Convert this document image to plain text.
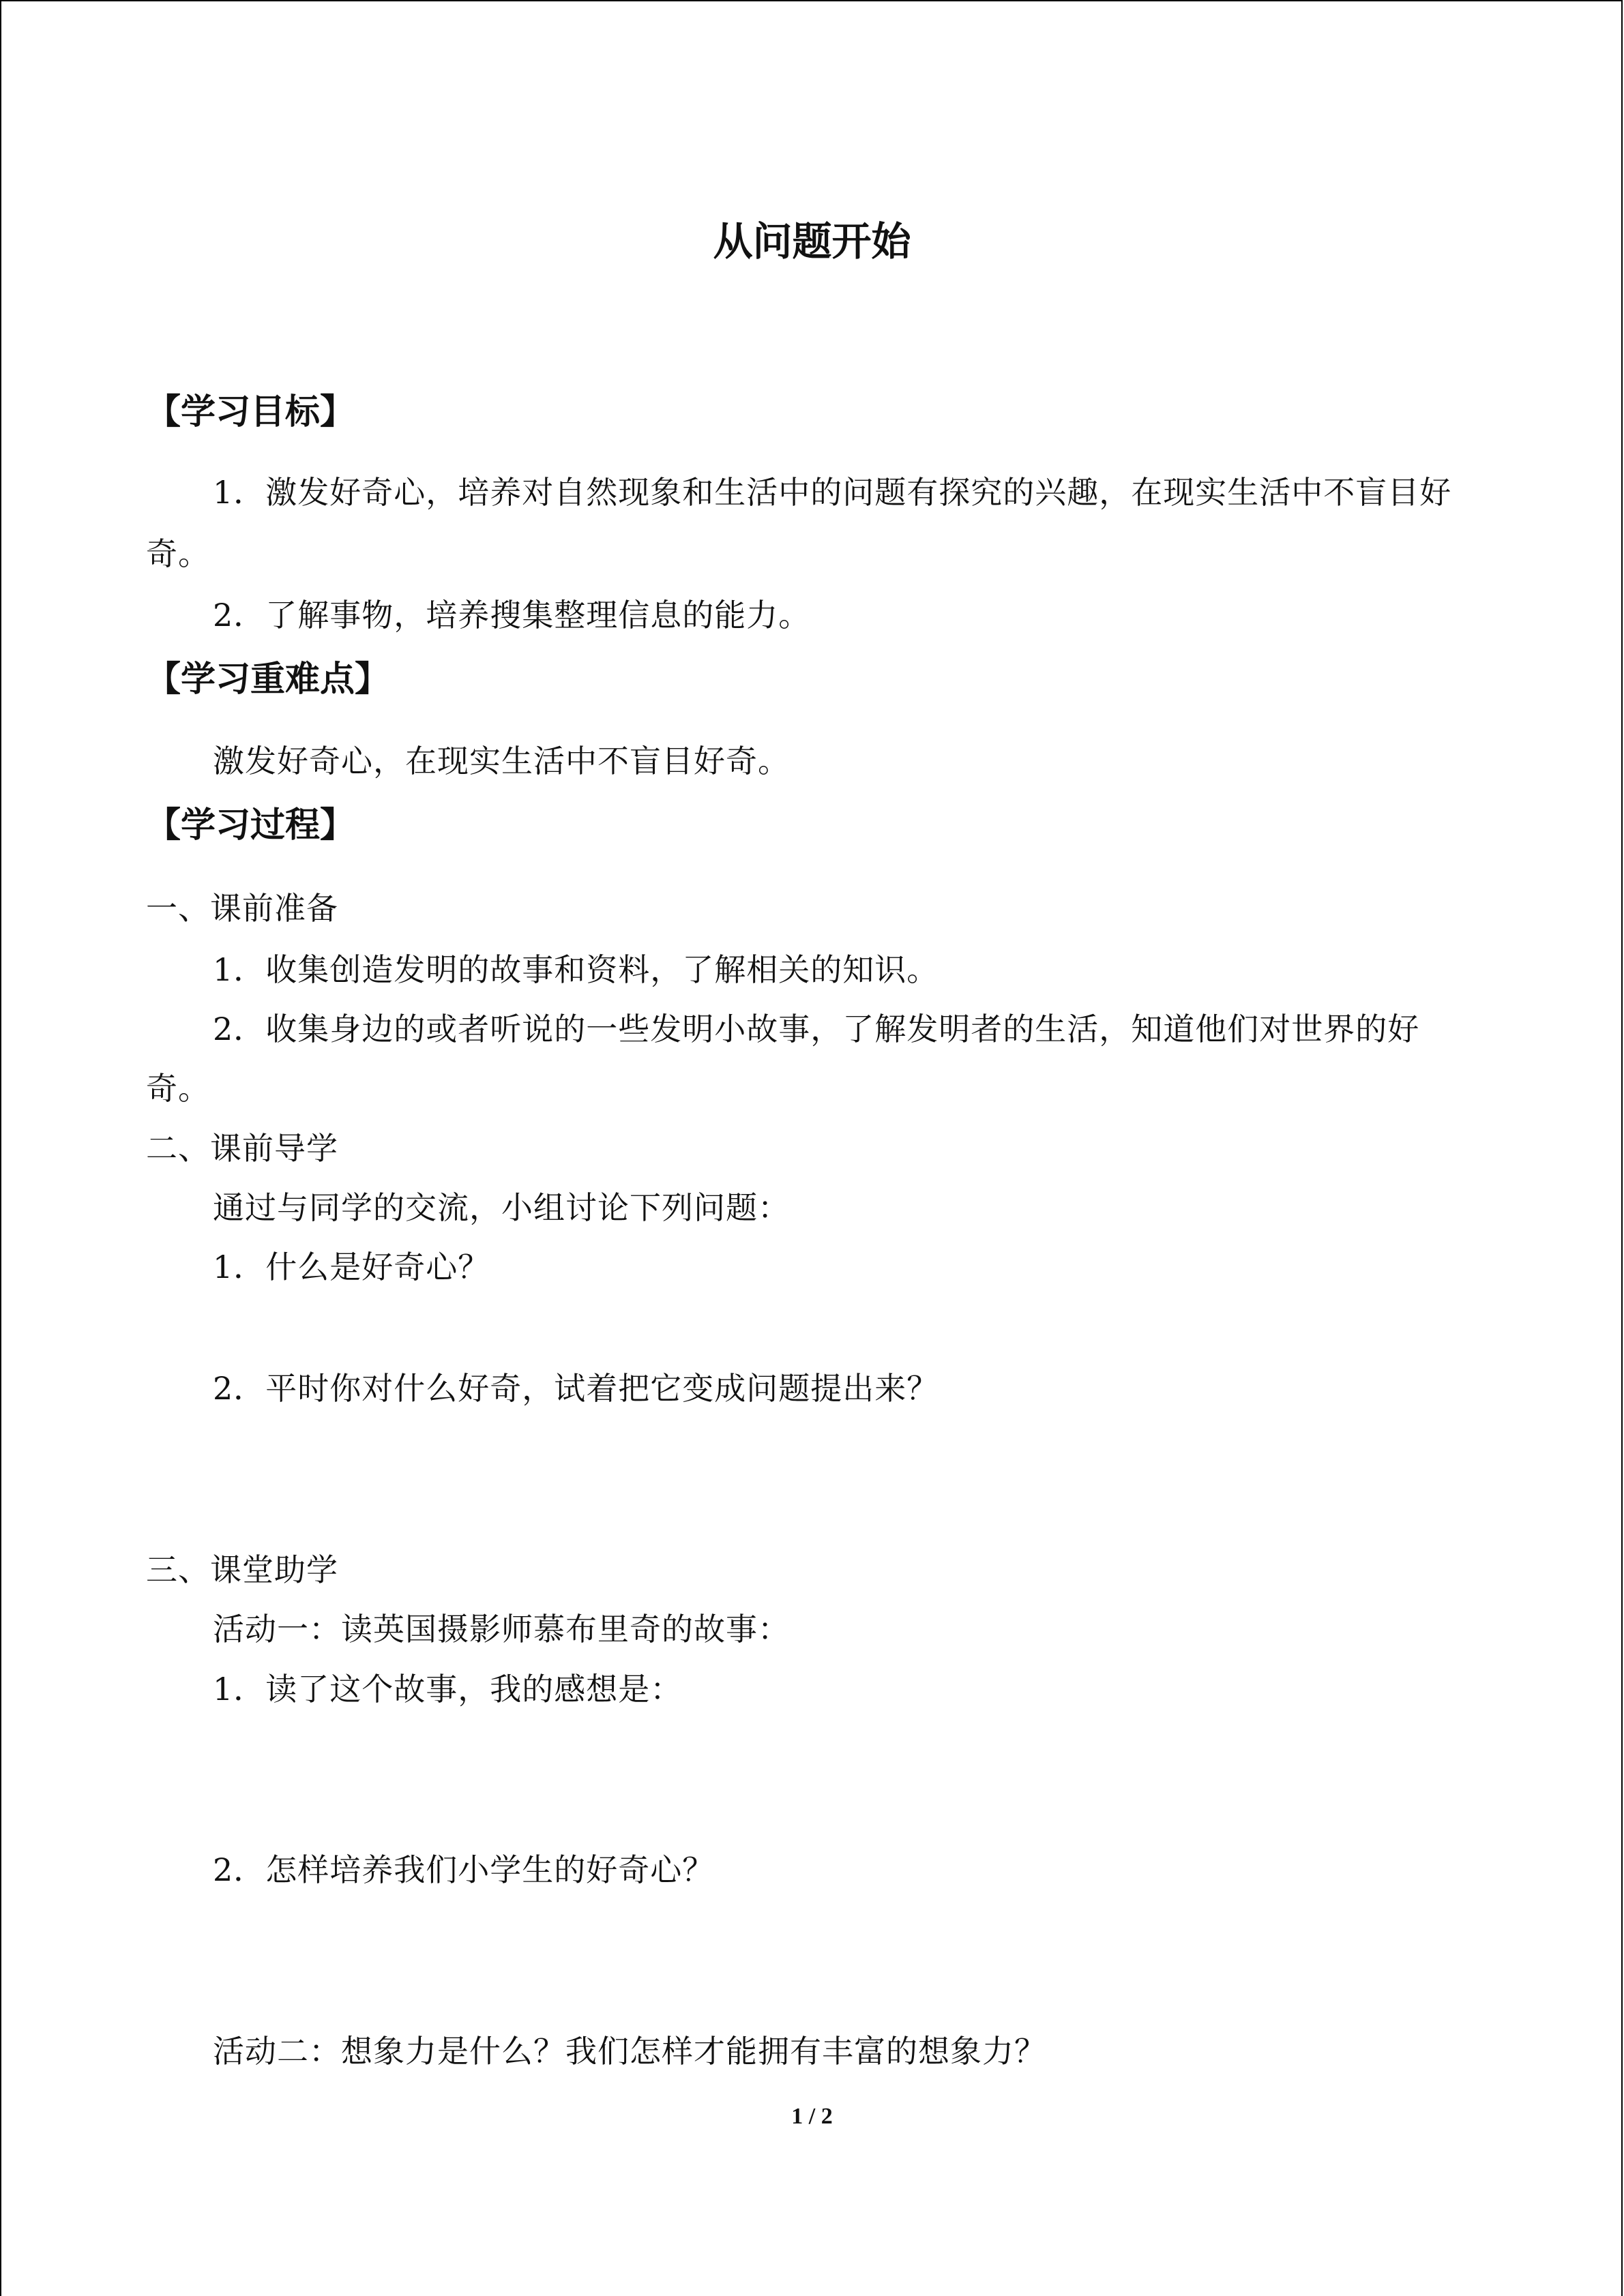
从问题开始
【学习目标】
1．激发好奇心，培养对自然现象和生活中的问题有探究的兴趣，在现实生活中不盲目好
奇。
2．了解事物，培养搜集整理信息的能力。
【学习重难点】
激发好奇心，在现实生活中不盲目好奇。
【学习过程】
一、课前准备
1．收集创造发明的故事和资料，了解相关的知识。
2．收集身边的或者听说的一些发明小故事，了解发明者的生活，知道他们对世界的好
奇。
二、课前导学
通过与同学的交流，小组讨论下列问题：
1．什么是好奇心？
2．平时你对什么好奇，试着把它变成问题提出来？
三、课堂助学
活动一：读英国摄影师慕布里奇的故事：
1．读了这个故事，我的感想是：
2．怎样培养我们小学生的好奇心？
活动二：想象力是什么？我们怎样才能拥有丰富的想象力？
1 / 2
